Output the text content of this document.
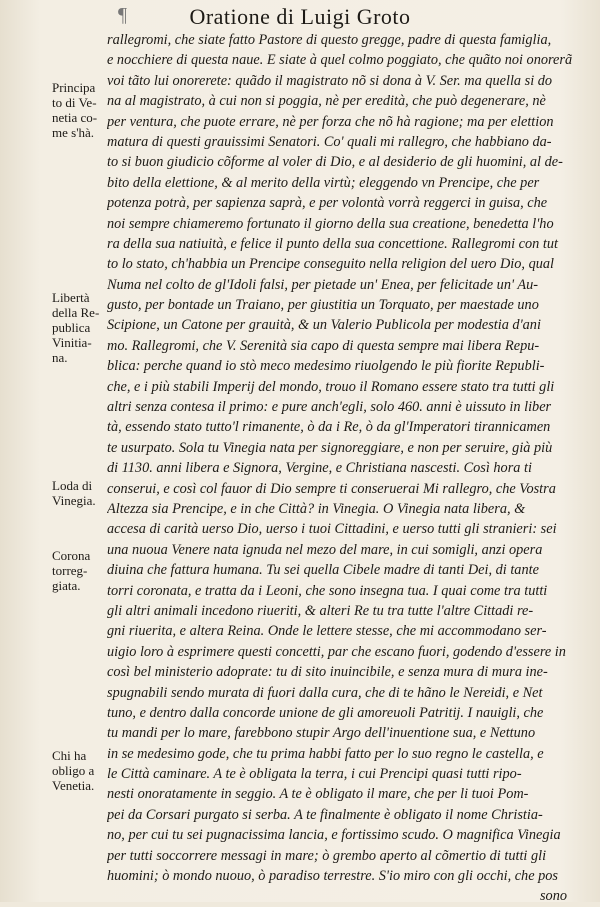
¶	Oratione di Luigi Groto
Principa
to di Ve-
netia co-
me s'hà.
Libertà
della Re-
publica
Vinitia-
na.
Loda di
Vinegia.
Corona
torreg-
giata.
Chi ha
obligo a
Venetia.
rallegromi, che siate fatto Pastore di questo gregge, padre di questa famiglia,
e nocchiere di questa naue. E siate à quel colmo poggiato, che quãto noi onorerã
voi tãto lui onorerete: quãdo il magistrato nõ si dona à V. Ser. ma quella si do
na al magistrato, à cui non si poggia, nè per eredità, che può degenerare, nè
per ventura, che puote errare, nè per forza che nõ hà ragione; ma per elettion
matura di questi grauissimi Senatori. Co' quali mi rallegro, che habbiano da-
to si buon giudicio cõforme al voler di Dio, e al desiderio de gli huomini, al de-
bito della elettione, & al merito della virtù; eleggendo vn Prencipe, che per
potenza potrà, per sapienza saprà, e per volontà vorrà reggerci in guisa, che
noi sempre chiameremo fortunato il giorno della sua creatione, benedetta l'ho
ra della sua natiuità, e felice il punto della sua concettione. Rallegromi con tut
to lo stato, ch'habbia un Prencipe conseguito nella religion del uero Dio, qual
Numa nel colto de gl'Idoli falsi, per pietade un' Enea, per felicitade un' Au-
gusto, per bontade un Traiano, per giustitia un Torquato, per maestade uno
Scipione, un Catone per grauità, & un Valerio Publicola per modestia d'ani
mo. Rallegromi, che V. Serenità sia capo di questa sempre mai libera Repu-
blica: perche quand io stò meco medesimo riuolgendo le più fiorite Republi-
che, e i più stabili Imperij del mondo, trouo il Romano essere stato tra tutti gli
altri senza contesa il primo: e pure anch'egli, solo 460. anni è uissuto in liber
tà, essendo stato tutto'l rimanente, ò da i Re, ò da gl'Imperatori tirannicamen
te usurpato. Sola tu Vinegia nata per signoreggiare, e non per seruire, già più
di 1130. anni libera e Signora, Vergine, e Christiana nascesti. Così hora ti
conserui, e così col fauor di Dio sempre ti conseruerai Mi rallegro, che Vostra
Altezza sia Prencipe, e in che Città? in Vinegia. O Vinegia nata libera, &
accesa di carità uerso Dio, uerso i tuoi Cittadini, e uerso tutti gli stranieri: sei
una nuoua Venere nata ignuda nel mezo del mare, in cui somigli, anzi opera
diuina che fattura humana. Tu sei quella Cibele madre di tanti Dei, di tante
torri coronata, e tratta da i Leoni, che sono insegna tua. I quai come tra tutti
gli altri animali incedono riueriti, & alteri Re tu tra tutte l'altre Cittadi re-
gni riuerita, e altera Reina. Onde le lettere stesse, che mi accommodano ser-
uigio loro à esprimere questi concetti, par che escano fuori, godendo d'essere in
così bel ministerio adoprate: tu di sito inuincibile, e senza mura di mura ine-
spugnabili sendo murata di fuori dalla cura, che di te hãno le Nereidi, e Net
tuno, e dentro dalla concorde unione de gli amoreuoli Patritij. I nauigli, che
tu mandi per lo mare, farebbono stupir Argo dell'inuentione sua, e Nettuno
in se medesimo gode, che tu prima habbi fatto per lo suo regno le castella, e
le Città caminare. A te è obligata la terra, i cui Prencipi quasi tutti ripo-
nesti onoratamente in seggio. A te è obligato il mare, che per li tuoi Pom-
pei da Corsari purgato si serba. A te finalmente è obligato il nome Christia-
no, per cui tu sei pugnacissima lancia, e fortissimo scudo. O magnifica Vinegia
per tutti soccorrere messagi in mare; ò grembo aperto al cõmertio di tutti gli
huomini; ò mondo nuouo, ò paradiso terrestre. S'io miro con gli occhi, che pos
sono
